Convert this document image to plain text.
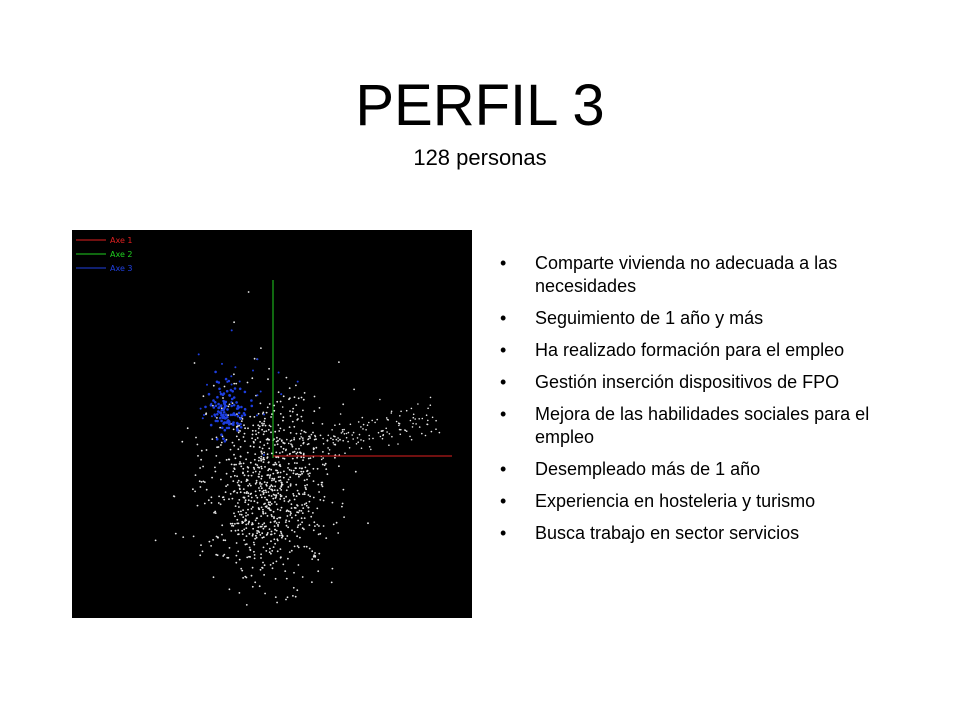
PERFIL 3
128 personas
Axe 1
Axe 2
Axe 3	•	Comparte vivienda no adecuada a las necesidades
•	Seguimiento de 1 año y más
•	Ha realizado formación para el empleo
•	Gestión inserción dispositivos de FPO
•	Mejora de las habilidades sociales para el empleo
•	Desempleado más de 1 año
•	Experiencia en hosteleria y turismo
•	Busca trabajo en sector servicios
